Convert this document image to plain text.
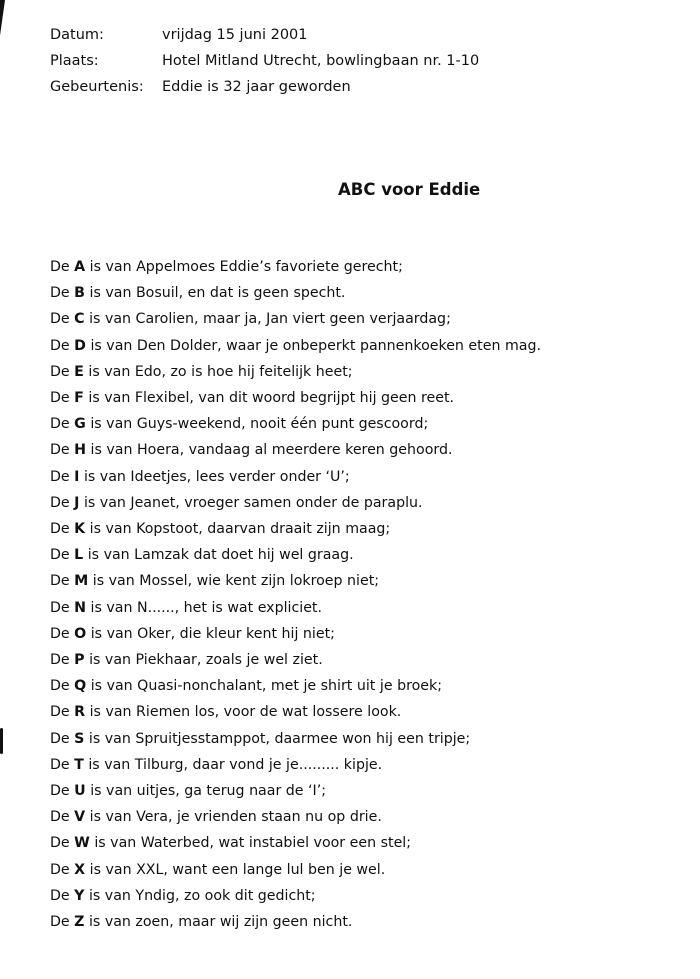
Datum:	vrijdag 15 juni 2001
Plaats:	Hotel Mitland Utrecht, bowlingbaan nr. 1-10
Gebeurtenis:	Eddie is 32 jaar geworden
ABC voor Eddie
De A is van Appelmoes Eddie’s favoriete gerecht;
De B is van Bosuil, en dat is geen specht.
De C is van Carolien, maar ja, Jan viert geen verjaardag;
De D is van Den Dolder, waar je onbeperkt pannenkoeken eten mag.
De E is van Edo, zo is hoe hij feitelijk heet;
De F is van Flexibel, van dit woord begrijpt hij geen reet.
De G is van Guys-weekend, nooit één punt gescoord;
De H is van Hoera, vandaag al meerdere keren gehoord.
De I is van Ideetjes, lees verder onder ‘U’;
De J is van Jeanet, vroeger samen onder de paraplu.
De K is van Kopstoot, daarvan draait zijn maag;
De L is van Lamzak dat doet hij wel graag.
De M is van Mossel, wie kent zijn lokroep niet;
De N is van N......, het is wat expliciet.
De O is van Oker, die kleur kent hij niet;
De P is van Piekhaar, zoals je wel ziet.
De Q is van Quasi-nonchalant, met je shirt uit je broek;
De R is van Riemen los, voor de wat lossere look.
De S is van Spruitjesstamppot, daarmee won hij een tripje;
De T is van Tilburg, daar vond je je......... kipje.
De U is van uitjes, ga terug naar de ‘I’;
De V is van Vera, je vrienden staan nu op drie.
De W is van Waterbed, wat instabiel voor een stel;
De X is van XXL, want een lange lul ben je wel.
De Y is van Yndig, zo ook dit gedicht;
De Z is van zoen, maar wij zijn geen nicht.
